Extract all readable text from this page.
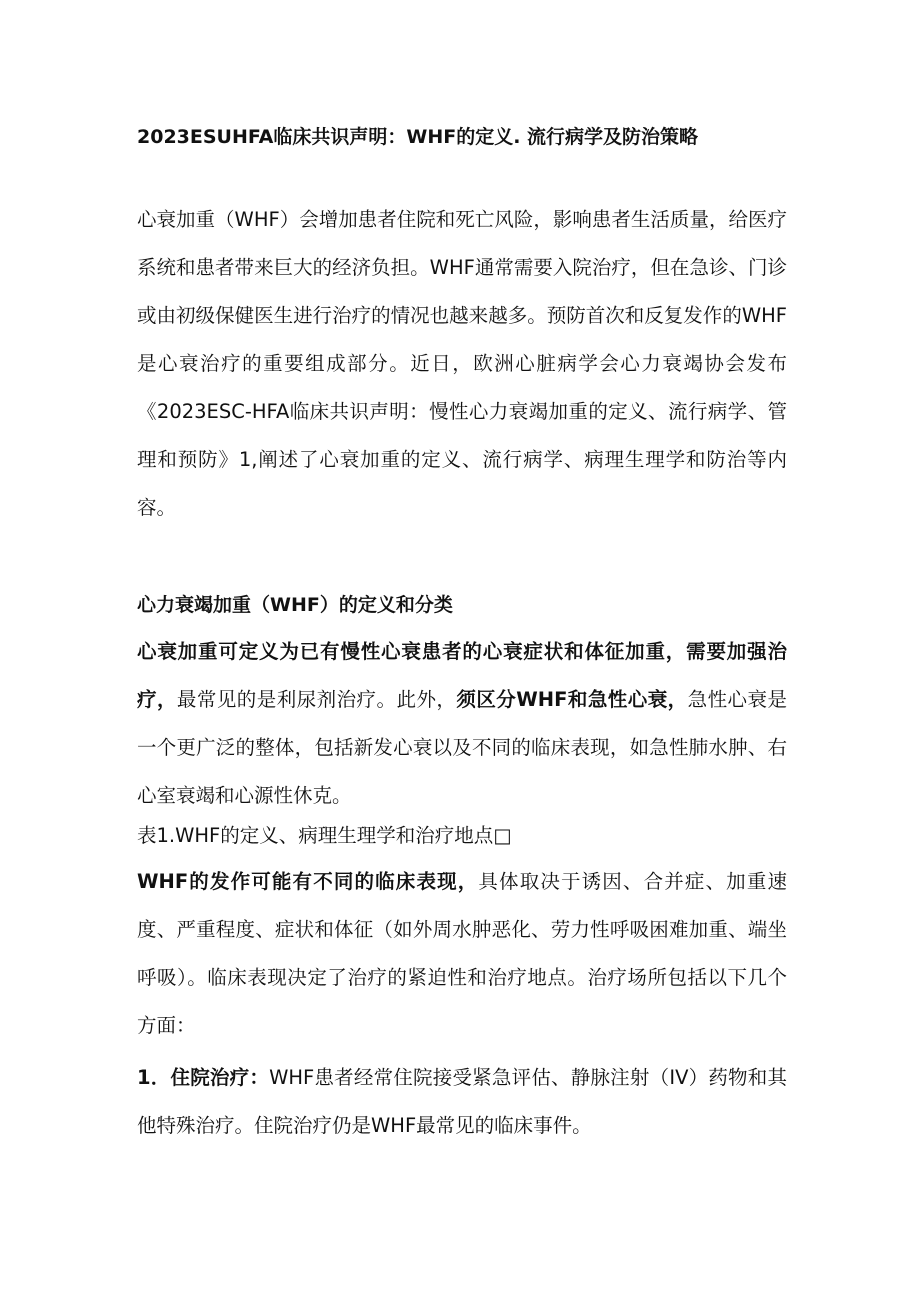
2023ESUHFA临床共识声明：WHF的定义. 流行病学及防治策略

心衰加重（WHF）会增加患者住院和死亡风险，影响患者生活质量，给医疗系统和患者带来巨大的经济负担。WHF通常需要入院治疗，但在急诊、门诊或由初级保健医生进行治疗的情况也越来越多。预防首次和反复发作的WHF是心衰治疗的重要组成部分。近日，欧洲心脏病学会心力衰竭协会发布《2023ESC-HFA临床共识声明：慢性心力衰竭加重的定义、流行病学、管理和预防》1,阐述了心衰加重的定义、流行病学、病理生理学和防治等内容。

心力衰竭加重（WHF）的定义和分类

心衰加重可定义为已有慢性心衰患者的心衰症状和体征加重，需要加强治疗，最常见的是利尿剂治疗。此外，须区分WHF和急性心衰，急性心衰是一个更广泛的整体，包括新发心衰以及不同的临床表现，如急性肺水肿、右心室衰竭和心源性休克。

表1.WHF的定义、病理生理学和治疗地点□

WHF的发作可能有不同的临床表现，具体取决于诱因、合并症、加重速度、严重程度、症状和体征（如外周水肿恶化、劳力性呼吸困难加重、端坐呼吸）。临床表现决定了治疗的紧迫性和治疗地点。治疗场所包括以下几个方面：

1．住院治疗：WHF患者经常住院接受紧急评估、静脉注射（IV）药物和其他特殊治疗。住院治疗仍是WHF最常见的临床事件。
